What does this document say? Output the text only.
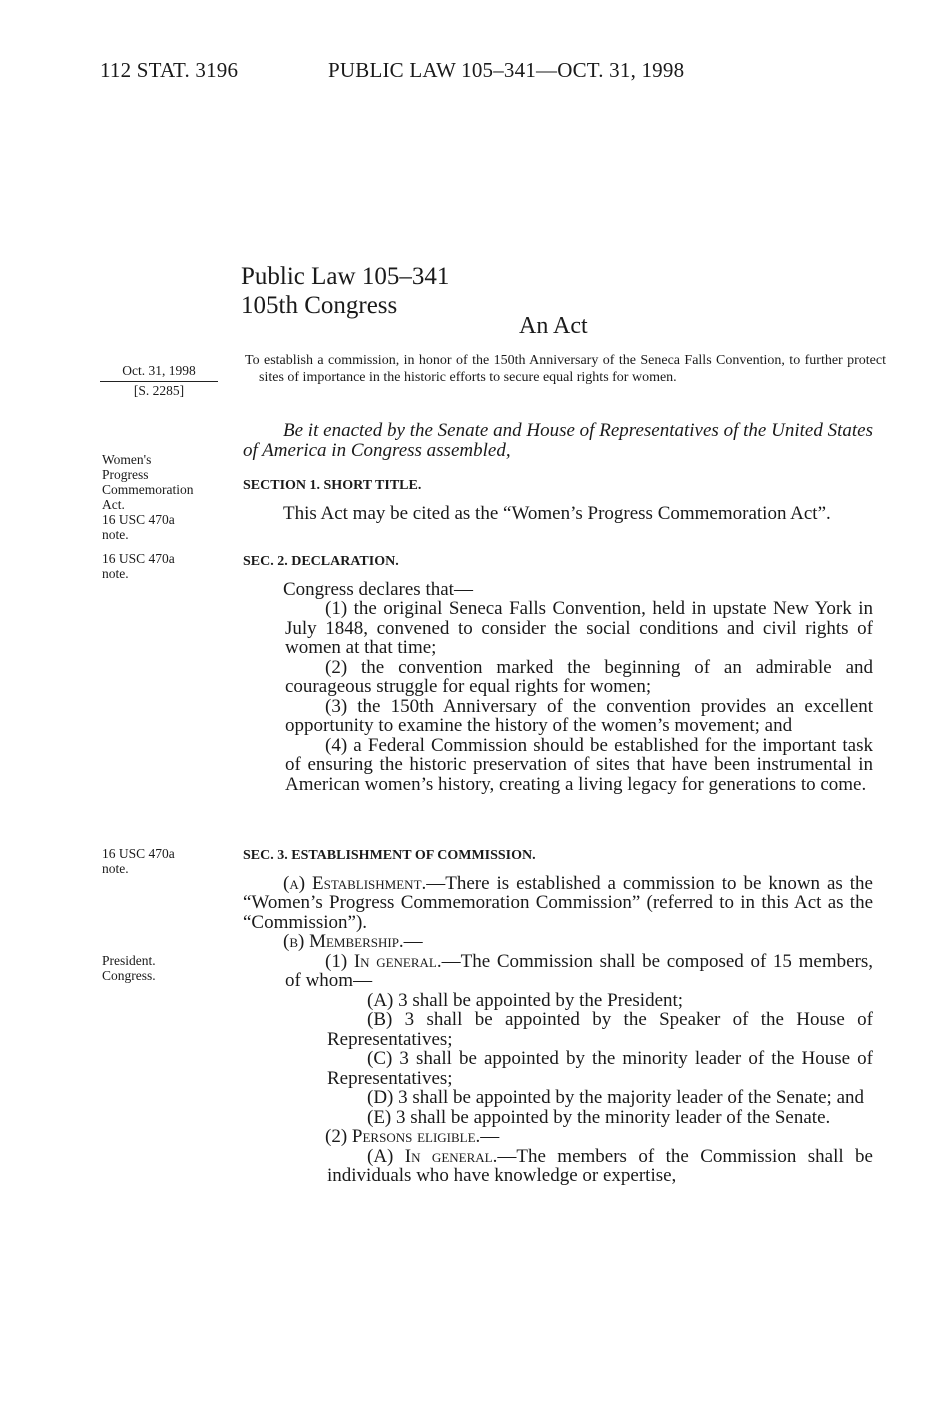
112 STAT. 3196	PUBLIC LAW 105–341—OCT. 31, 1998
Public Law 105–341
105th Congress
An Act
Oct. 31, 1998
[S. 2285]
To establish a commission, in honor of the 150th Anniversary of the Seneca Falls Convention, to further protect sites of importance in the historic efforts to secure equal rights for women.
Women's
Progress
Commemoration
Act.
16 USC 470a
note.
16 USC 470a
note.
16 USC 470a
note.
President.
Congress.

Be it enacted by the Senate and House of Representatives of the United States of America in Congress assembled,

SECTION 1. SHORT TITLE.

This Act may be cited as the “Women’s Progress Commemoration Act”.

SEC. 2. DECLARATION.

Congress declares that—

(1) the original Seneca Falls Convention, held in upstate New York in July 1848, convened to consider the social conditions and civil rights of women at that time;

(2) the convention marked the beginning of an admirable and courageous struggle for equal rights for women;

(3) the 150th Anniversary of the convention provides an excellent opportunity to examine the history of the women’s movement; and

(4) a Federal Commission should be established for the important task of ensuring the historic preservation of sites that have been instrumental in American women’s history, creating a living legacy for generations to come.

SEC. 3. ESTABLISHMENT OF COMMISSION.

(a) Establishment.—There is established a commission to be known as the “Women’s Progress Commemoration Commission” (referred to in this Act as the “Commission”).

(b) Membership.—

(1) In general.—The Commission shall be composed of 15 members, of whom—

(A) 3 shall be appointed by the President;

(B) 3 shall be appointed by the Speaker of the House of Representatives;

(C) 3 shall be appointed by the minority leader of the House of Representatives;

(D) 3 shall be appointed by the majority leader of the Senate; and

(E) 3 shall be appointed by the minority leader of the Senate.

(2) Persons eligible.—

(A) In general.—The members of the Commission shall be individuals who have knowledge or expertise,
